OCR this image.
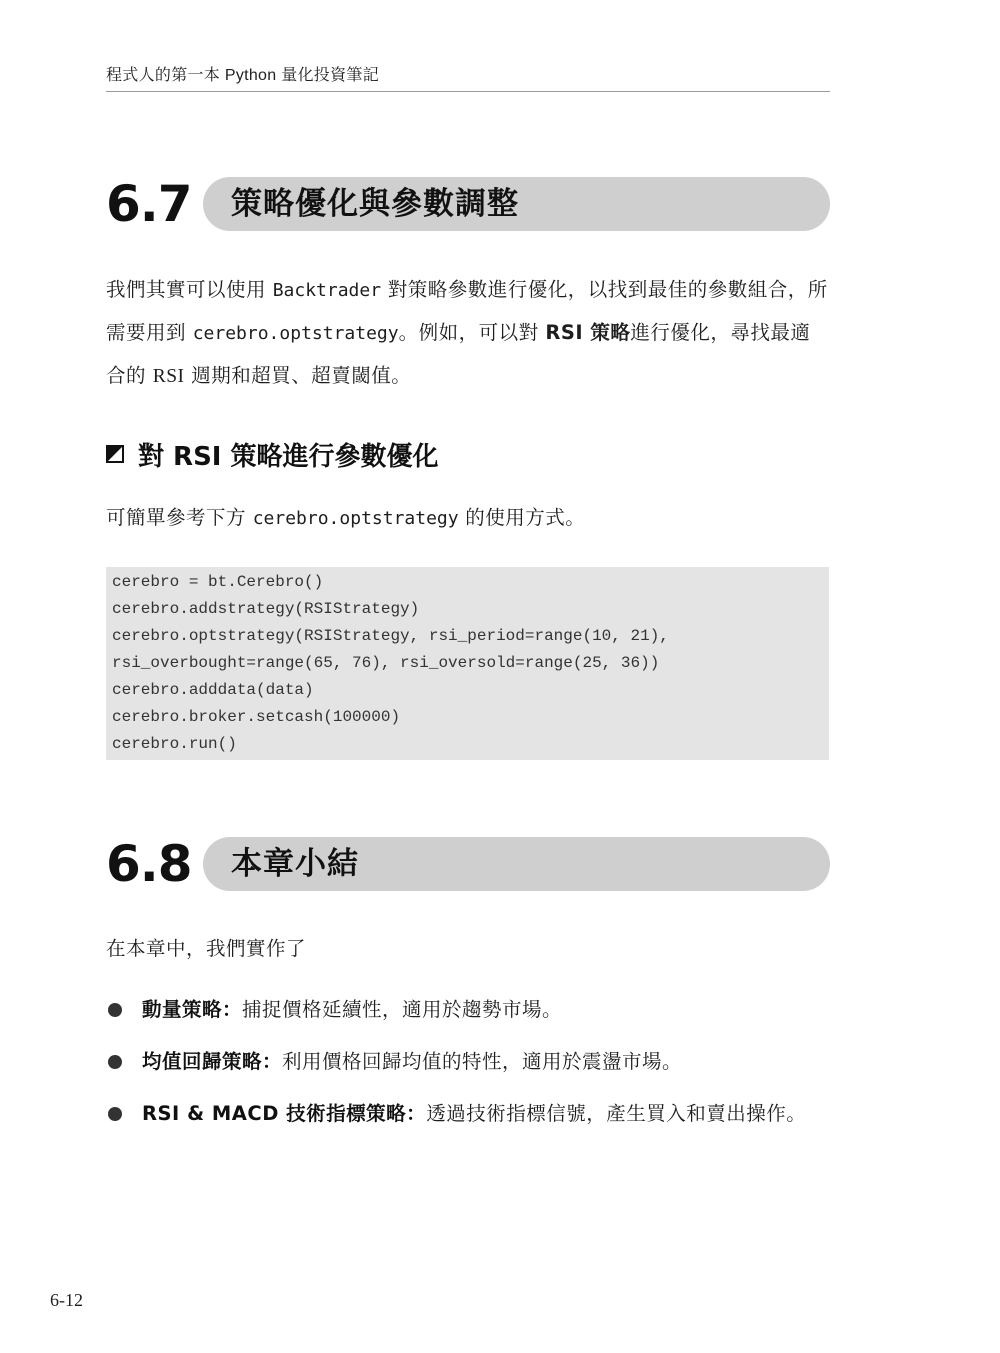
程式人的第一本 Python 量化投資筆記
6.7 策略優化與參數調整
我們其實可以使用 Backtrader 對策略參數進行優化，以找到最佳的參數組合，所需要用到 cerebro.optstrategy。例如，可以對 RSI 策略進行優化，尋找最適合的 RSI 週期和超買、超賣閾值。
對 RSI 策略進行參數優化
可簡單參考下方 cerebro.optstrategy 的使用方式。
cerebro = bt.Cerebro()
cerebro.addstrategy(RSIStrategy)
cerebro.optstrategy(RSIStrategy, rsi_period=range(10, 21),
rsi_overbought=range(65, 76), rsi_oversold=range(25, 36))
cerebro.adddata(data)
cerebro.broker.setcash(100000)
cerebro.run()
6.8 本章小結
在本章中，我們實作了
動量策略：捕捉價格延續性，適用於趨勢市場。
均值回歸策略：利用價格回歸均值的特性，適用於震盪市場。
RSI & MACD 技術指標策略：透過技術指標信號，產生買入和賣出操作。
6-12
